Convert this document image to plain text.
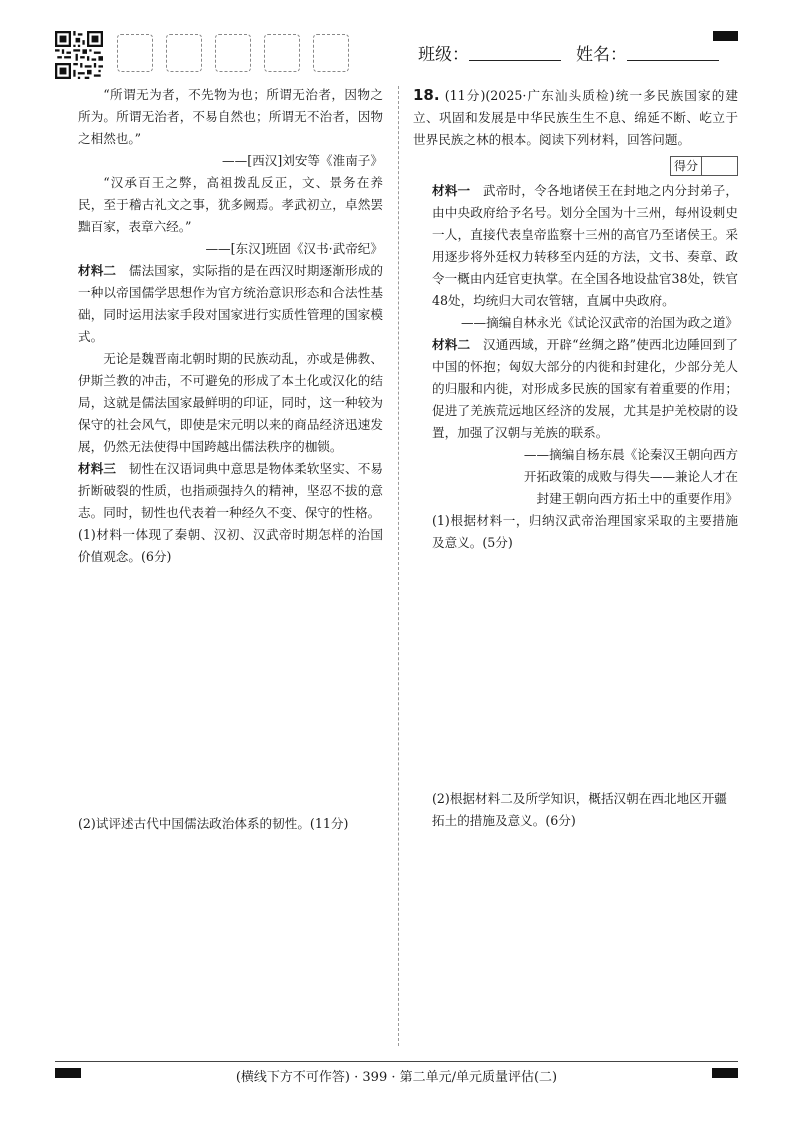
班级：	姓名：

“所谓无为者，不先物为也；所谓无治者，因物之所为。所谓无治者，不易自然也；所谓无不治者，因物之相然也。”

——[西汉]刘安等《淮南子》

“汉承百王之弊，高祖拨乱反正，文、景务在养民，至于稽古礼文之事，犹多阙焉。孝武初立，卓然罢黜百家，表章六经。”

——[东汉]班固《汉书·武帝纪》

材料二　 儒法国家，实际指的是在西汉时期逐渐形成的一种以帝国儒学思想作为官方统治意识形态和合法性基础，同时运用法家手段对国家进行实质性管理的国家模式。

无论是魏晋南北朝时期的民族动乱，亦或是佛教、伊斯兰教的冲击，不可避免的形成了本土化或汉化的结局，这就是儒法国家最鲜明的印证，同时，这一种较为保守的社会风气，即使是宋元明以来的商品经济迅速发展，仍然无法使得中国跨越出儒法秩序的枷锁。

材料三　 韧性在汉语词典中意思是物体柔软坚实、不易折断破裂的性质，也指顽强持久的精神，坚忍不拔的意志。同时，韧性也代表着一种经久不变、保守的性格。

(1)材料一体现了秦朝、汉初、汉武帝时期怎样的治国价值观念。(6分)

(2)试评述古代中国儒法政治体系的韧性。(11分)

18. (11分)(2025·广东汕头质检)统一多民族国家的建立、巩固和发展是中华民族生生不息、绵延不断、屹立于世界民族之林的根本。阅读下列材料，回答问题。

得分

材料一　 武帝时，令各地诸侯王在封地之内分封弟子，由中央政府给予名号。划分全国为十三州，每州设刺史一人，直接代表皇帝监察十三州的高官乃至诸侯王。采用逐步将外廷权力转移至内廷的方法，文书、奏章、政令一概由内廷官吏执掌。在全国各地设盐官38处，铁官48处，均统归大司农管辖，直属中央政府。

——摘编自林永光《试论汉武帝的治国为政之道》

材料二　 汉通西域，开辟“丝绸之路”使西北边陲回到了中国的怀抱；匈奴大部分的内徙和封建化，少部分羌人的归服和内徙，对形成多民族的国家有着重要的作用；促进了羌族荒远地区经济的发展，尤其是护羌校尉的设置，加强了汉朝与羌族的联系。

——摘编自杨东晨《论秦汉王朝向西方

开拓政策的成败与得失——兼论人才在

封建王朝向西方拓土中的重要作用》

(1)根据材料一，归纳汉武帝治理国家采取的主要措施及意义。(5分)

(2)根据材料二及所学知识，概括汉朝在西北地区开疆拓土的措施及意义。(6分)
(横线下方不可作答) · 399 · 第二单元/单元质量评估(二)
